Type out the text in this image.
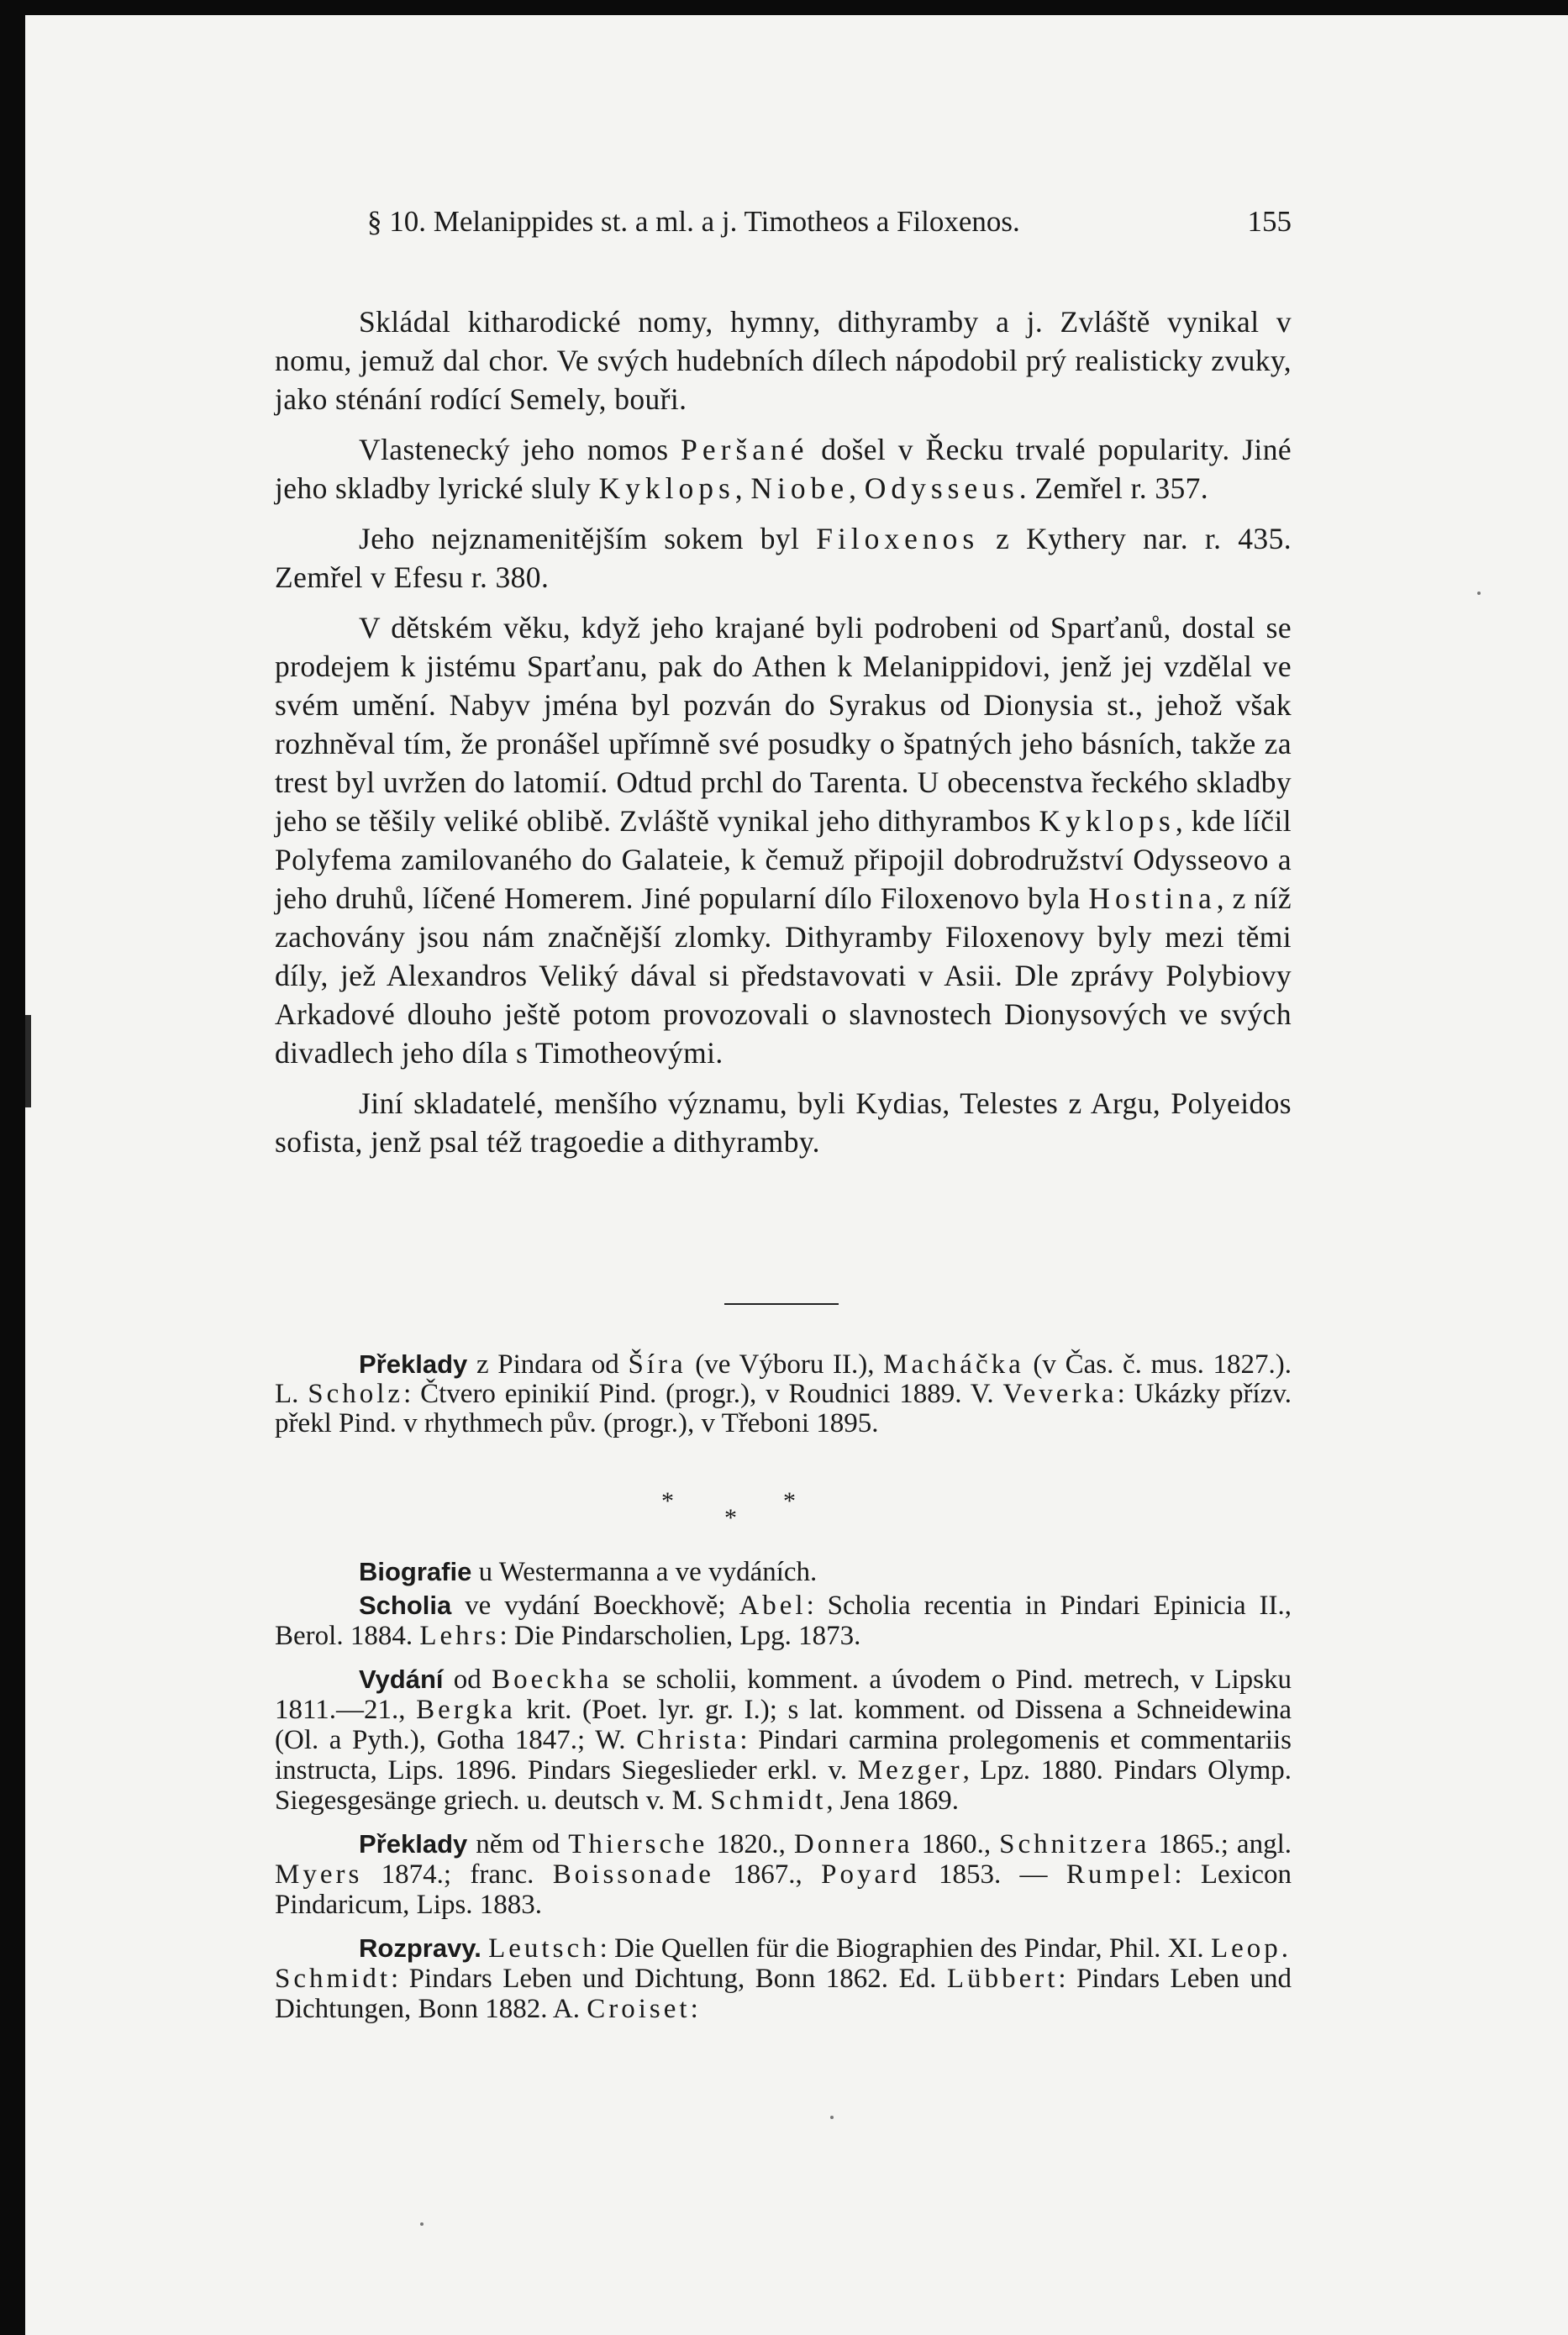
§ 10. Melanippides st. a ml. a j. Timotheos a Filoxenos.	155

Skládal kitharodické nomy, hymny, dithyramby a j. Zvláště vynikal v nomu, jemuž dal chor. Ve svých hudebních dílech nápodobil prý realisticky zvuky, jako sténání rodící Semely, bouři.

Vlastenecký jeho nomos Peršané došel v Řecku trvalé popularity. Jiné jeho skladby lyrické sluly Kyklops, Niobe, Odysseus. Zemřel r. 357.

Jeho nejznamenitějším sokem byl Filoxenos z Kythery nar. r. 435. Zemřel v Efesu r. 380.

V dětském věku, když jeho krajané byli podrobeni od Sparťanů, dostal se prodejem k jistému Sparťanu, pak do Athen k Melanippidovi, jenž jej vzdělal ve svém umění. Nabyv jména byl pozván do Syrakus od Dionysia st., jehož však rozhněval tím, že pronášel upřímně své posudky o špatných jeho básních, takže za trest byl uvržen do latomií. Odtud prchl do Tarenta. U obecenstva řeckého skladby jeho se těšily veliké oblibě. Zvláště vynikal jeho dithyrambos Kyklops, kde líčil Polyfema zamilovaného do Galateie, k čemuž připojil dobrodružství Odysseovo a jeho druhů, líčené Homerem. Jiné popularní dílo Filoxenovo byla Hostina, z níž zachovány jsou nám značnější zlomky. Dithyramby Filoxenovy byly mezi těmi díly, jež Alexandros Veliký dával si představovati v Asii. Dle zprávy Polybiovy Arkadové dlouho ještě potom provozovali o slavnostech Dionysových ve svých divadlech jeho díla s Timotheovými.

Jiní skladatelé, menšího významu, byli Kydias, Telestes z Argu, Polyeidos sofista, jenž psal též tragoedie a dithyramby.

Překlady z Pindara od Šíra (ve Výboru II.), Macháčka (v Čas. č. mus. 1827.). L. Scholz: Čtvero epinikií Pind. (progr.), v Roudnici 1889. V. Veverka: Ukázky přízv. překl Pind. v rhythmech pův. (progr.), v Třeboni 1895.

*	*
*

Biografie u Westermanna a ve vydáních.

Scholia ve vydání Boeckhově; Abel: Scholia recentia in Pindari Epinicia II., Berol. 1884. Lehrs: Die Pindarscholien, Lpg. 1873.

Vydání od Boeckha se scholii, komment. a úvodem o Pind. metrech, v Lipsku 1811.—21., Bergka krit. (Poet. lyr. gr. I.); s lat. komment. od Dissena a Schneidewina (Ol. a Pyth.), Gotha 1847.; W. Christa: Pindari carmina prolegomenis et commentariis instructa, Lips. 1896. Pindars Siegeslieder erkl. v. Mezger, Lpz. 1880. Pindars Olymp. Siegesgesänge griech. u. deutsch v. M. Schmidt, Jena 1869.

Překlady něm od Thiersche 1820., Donnera 1860., Schnitzera 1865.; angl. Myers 1874.; franc. Boissonade 1867., Poyard 1853. — Rumpel: Lexicon Pindaricum, Lips. 1883.

Rozpravy. Leutsch: Die Quellen für die Biographien des Pindar, Phil. XI. Leop. Schmidt: Pindars Leben und Dichtung, Bonn 1862. Ed. Lübbert: Pindars Leben und Dichtungen, Bonn 1882. A. Croiset:
